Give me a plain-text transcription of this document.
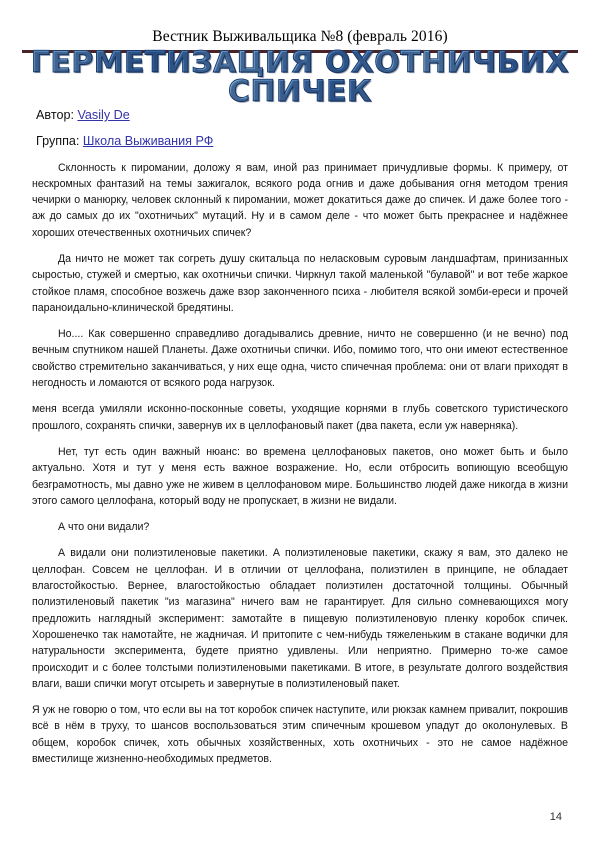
Вестник Выживальщика №8 (февраль 2016)
ГЕРМЕТИЗАЦИЯ ОХОТНИЧЬИХ СПИЧЕК
Автор: Vasily De
Группа: Школа Выживания РФ

Склонность к пиромании, доложу я вам, иной раз принимает причудливые формы. К примеру, от нескромных фантазий на темы зажигалок, всякого рода огнив и даже добывания огня методом трения чечирки о манюрку, человек склонный к пиромании, может докатиться даже до спичек. И даже более того - аж до самых до их "охотничьих" мутаций. Ну и в самом деле - что может быть прекраснее и надёжнее хороших отечественных охотничьих спичек?

Да ничто не может так согреть душу скитальца по неласковым суровым ландшафтам, принизанных сыростью, стужей и смертью, как охотничьи спички. Чиркнул такой маленькой "булавой" и вот тебе жаркое стойкое пламя, способное возжечь даже взор законченного психа - любителя всякой зомби-ереси и прочей параноидально-клинической бредятины.

Но.... Как совершенно справедливо догадывались древние, ничто не совершенно (и не вечно) под вечным спутником нашей Планеты. Даже охотничьи спички. Ибо, помимо того, что они имеют естественное свойство стремительно заканчиваться, у них еще одна, чисто спичечная проблема: они от влаги приходят в негодность и ломаются от всякого рода нагрузок.

меня всегда умиляли исконно-посконные советы, уходящие корнями в глубь советского туристического прошлого, сохранять спички, завернув их в целлофановый пакет (два пакета, если уж наверняка).

Нет, тут есть один важный нюанс: во времена целлофановых пакетов, оно может быть и было актуально. Хотя и тут у меня есть важное возражение. Но, если отбросить вопиющую всеобщую безграмотность, мы давно уже не живем в целлофановом мире. Большинство людей даже никогда в жизни этого самого целлофана, который воду не пропускает, в жизни не видали.

А что они видали?

А видали они полиэтиленовые пакетики. А полиэтиленовые пакетики, скажу я вам, это далеко не целлофан. Совсем не целлофан. И в отличии от целлофана, полиэтилен в принципе, не обладает влагостойкостью. Вернее, влагостойкостью обладает полиэтилен достаточной толщины. Обычный полиэтиленовый пакетик "из магазина" ничего вам не гарантирует. Для сильно сомневающихся могу предложить наглядный эксперимент: замотайте в пищевую полиэтиленовую пленку коробок спичек. Хорошенечко так намотайте, не жадничая. И притопите с чем-нибудь тяжеленьким в стакане водички для натуральности эксперимента, будете приятно удивлены. Или неприятно. Примерно то-же самое происходит и с более толстыми полиэтиленовыми пакетиками. В итоге, в результате долгого воздействия влаги, ваши спички могут отсыреть и завернутые в полиэтиленовый пакет.

Я уж не говорю о том, что если вы на тот коробок спичек наступите, или рюкзак камнем привалит, покрошив всё в нём в труху, то шансов воспользоваться этим спичечным крошевом упадут до околонулевых. В общем, коробок спичек, хоть обычных хозяйственных, хоть охотничьих - это не самое надёжное вместилище жизненно-необходимых предметов.

14
